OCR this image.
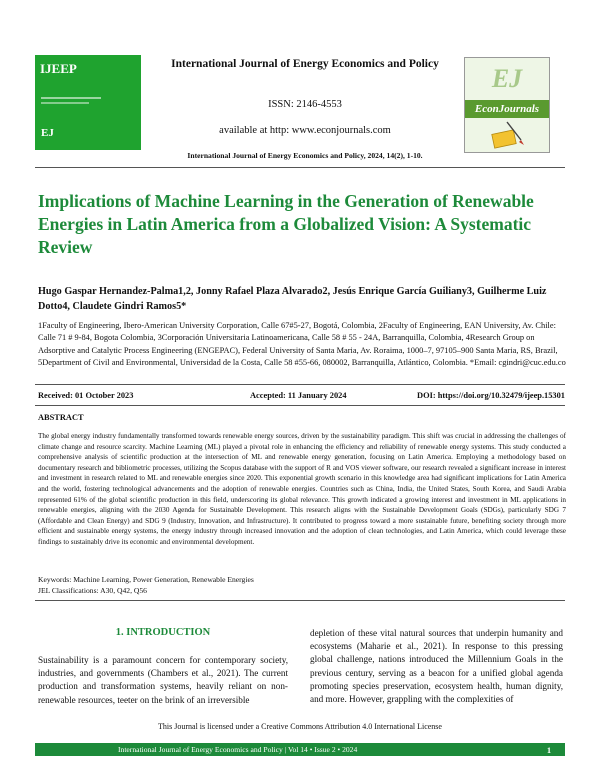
IJEEP
EJ
International Journal of Energy Economics and Policy
ISSN: 2146-4553
available at http: www.econjournals.com
International Journal of Energy Economics and Policy, 2024, 14(2), 1-10.
EJ
EconJournals
Implications of Machine Learning in the Generation of Renewable Energies in Latin America from a Globalized Vision: A Systematic Review
Hugo Gaspar Hernandez-Palma1,2, Jonny Rafael Plaza Alvarado2, Jesús Enrique García Guiliany3, Guilherme Luiz Dotto4, Claudete Gindri Ramos5*
1Faculty of Engineering, Ibero-American University Corporation, Calle 67#5-27, Bogotá, Colombia, 2Faculty of Engineering, EAN University, Av. Chile: Calle 71 # 9-84, Bogota Colombia, 3Corporación Universitaria Latinoamericana, Calle 58 # 55 - 24A, Barranquilla, Colombia, 4Research Group on Adsorptive and Catalytic Process Engineering (ENGEPAC), Federal University of Santa Maria, Av. Roraima, 1000–7, 97105–900 Santa Maria, RS, Brazil, 5Department of Civil and Environmental, Universidad de la Costa, Calle 58 #55-66, 080002, Barranquilla, Atlántico, Colombia. *Email: cgindri@cuc.edu.co
Received: 01 October 2023	Accepted: 11 January 2024	DOI: https://doi.org/10.32479/ijeep.15301
ABSTRACT
The global energy industry fundamentally transformed towards renewable energy sources, driven by the sustainability paradigm. This shift was crucial in addressing the challenges of climate change and resource scarcity. Machine Learning (ML) played a pivotal role in enhancing the efficiency and reliability of renewable energy systems. This study conducted a comprehensive analysis of scientific production at the intersection of ML and renewable energy generation, focusing on Latin America. Employing a methodology based on documentary research and bibliometric processes, utilizing the Scopus database with the support of R and VOS viewer software, our research revealed a significant increase in interest and investment in research related to ML and renewable energies since 2020. This exponential growth scenario in this knowledge area had significant implications for Latin America and the world, fostering technological advancements and the adoption of renewable energies. Countries such as China, India, the United States, South Korea, and Saudi Arabia represented 61% of the global scientific production in this field, underscoring its global relevance. This growth indicated a growing interest and investment in ML applications in renewable energies, aligning with the 2030 Agenda for Sustainable Development. This research aligns with the Sustainable Development Goals (SDGs), particularly SDG 7 (Affordable and Clean Energy) and SDG 9 (Industry, Innovation, and Infrastructure). It contributed to progress toward a more sustainable future, benefiting society through more efficient and sustainable energy systems, the energy industry through increased innovation and the adoption of clean technologies, and Latin America, which could leverage these findings to sustainably drive its economic and environmental development.
Keywords: Machine Learning, Power Generation, Renewable Energies
JEL Classifications: A30, Q42, Q56
1. INTRODUCTION
Sustainability is a paramount concern for contemporary society, industries, and governments (Chambers et al., 2021). The current production and transformation systems, heavily reliant on non-renewable resources, teeter on the brink of an irreversible
depletion of these vital natural sources that underpin humanity and ecosystems (Maharie et al., 2021). In response to this pressing global challenge, nations introduced the Millennium Goals in the previous century, serving as a beacon for a unified global agenda promoting species preservation, ecosystem health, human dignity, and more. However, grappling with the complexities of
This Journal is licensed under a Creative Commons Attribution 4.0 International License
International Journal of Energy Economics and Policy | Vol 14 • Issue 2 • 2024	1
